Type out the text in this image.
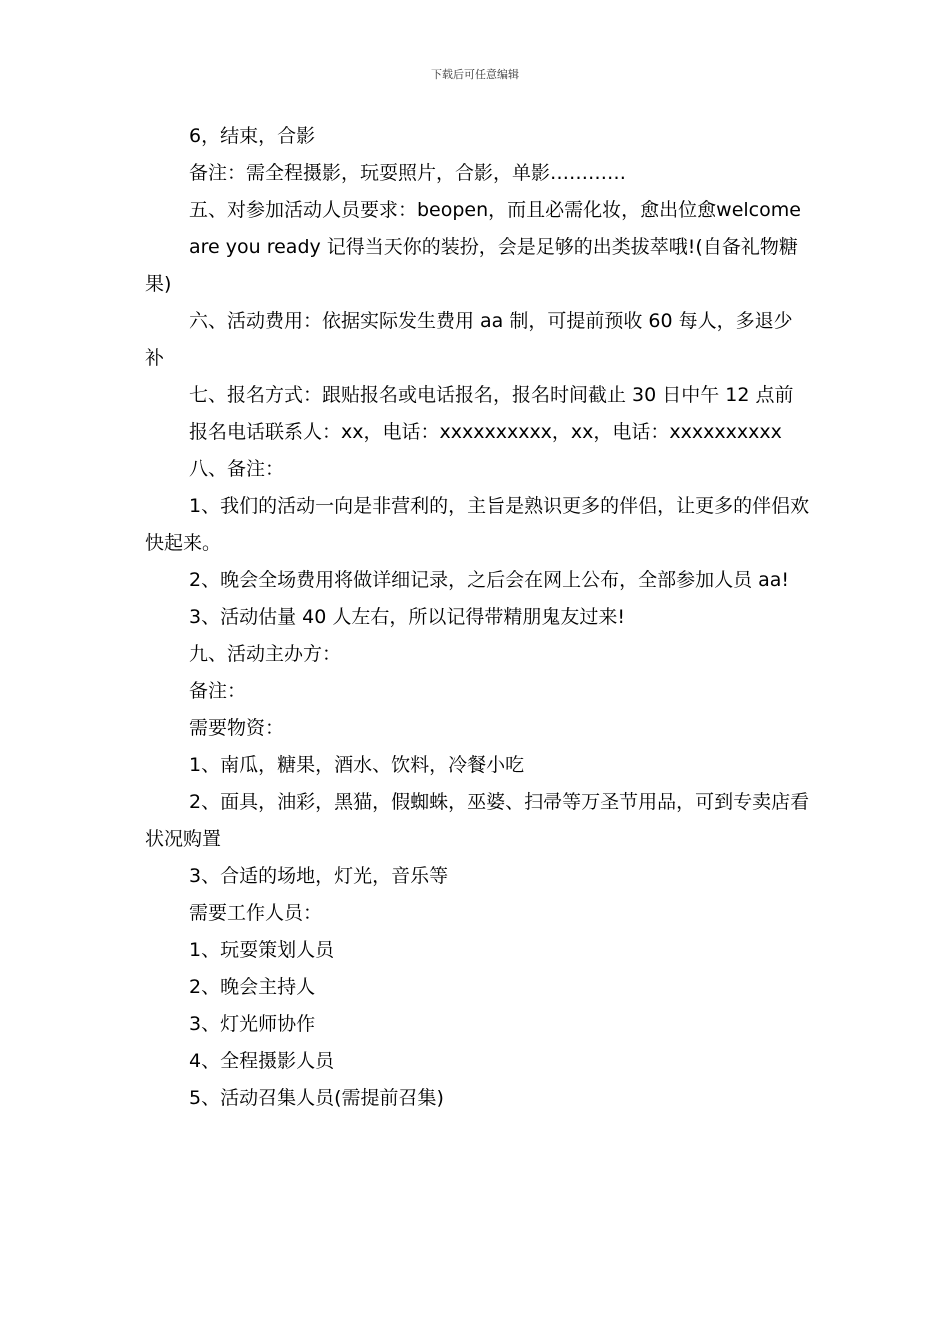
下载后可任意编辑

6，结束，合影

备注：需全程摄影，玩耍照片，合影，单影…………

五、对参加活动人员要求：beopen，而且必需化妆，愈出位愈welcome

are you ready 记得当天你的装扮，会是足够的出类拔萃哦!(自备礼物糖果)

六、活动费用：依据实际发生费用 aa 制，可提前预收 60 每人，多退少补

七、报名方式：跟贴报名或电话报名，报名时间截止 30 日中午 12 点前

报名电话联系人：xx，电话：xxxxxxxxxx，xx，电话：xxxxxxxxxx

八、备注：

1、我们的活动一向是非营利的，主旨是熟识更多的伴侣，让更多的伴侣欢快起来。

2、晚会全场费用将做详细记录，之后会在网上公布，全部参加人员 aa!

3、活动估量 40 人左右，所以记得带精朋鬼友过来!

九、活动主办方：

备注：

需要物资：

1、南瓜，糖果，酒水、饮料，冷餐小吃

2、面具，油彩，黑猫，假蜘蛛，巫婆、扫帚等万圣节用品，可到专卖店看状况购置

3、合适的场地，灯光，音乐等

需要工作人员：

1、玩耍策划人员

2、晚会主持人

3、灯光师协作

4、全程摄影人员

5、活动召集人员(需提前召集)
